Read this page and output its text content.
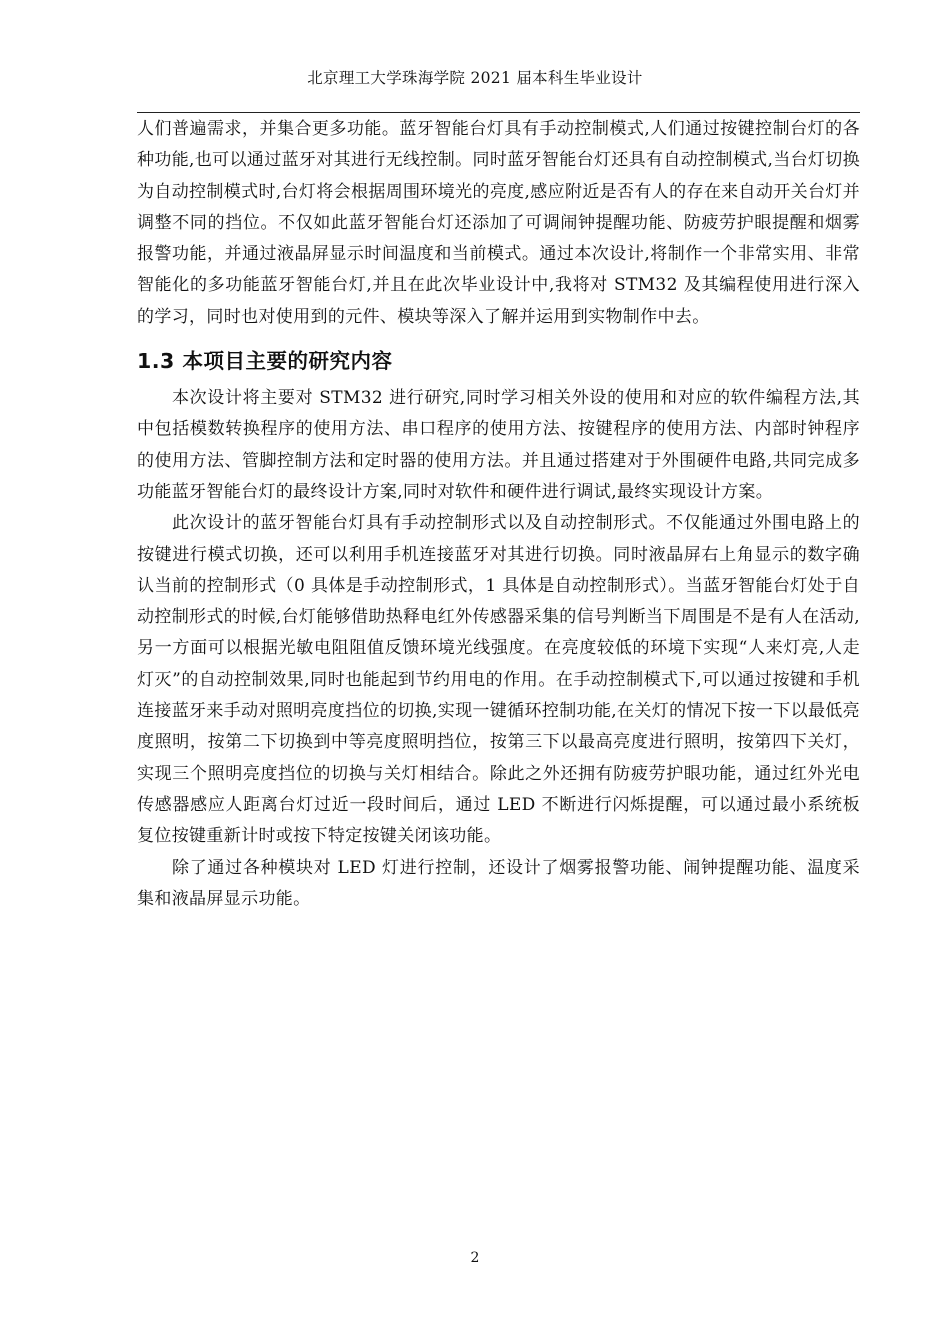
北京理工大学珠海学院 2021 届本科生毕业设计

人们普遍需求，并集合更多功能。蓝牙智能台灯具有手动控制模式,人们通过按键控制台灯的各种功能,也可以通过蓝牙对其进行无线控制。同时蓝牙智能台灯还具有自动控制模式,当台灯切换为自动控制模式时,台灯将会根据周围环境光的亮度,感应附近是否有人的存在来自动开关台灯并调整不同的挡位。不仅如此蓝牙智能台灯还添加了可调闹钟提醒功能、防疲劳护眼提醒和烟雾报警功能，并通过液晶屏显示时间温度和当前模式。通过本次设计,将制作一个非常实用、非常智能化的多功能蓝牙智能台灯,并且在此次毕业设计中,我将对 STM32 及其编程使用进行深入的学习，同时也对使用到的元件、模块等深入了解并运用到实物制作中去。

1.3 本项目主要的研究内容

本次设计将主要对 STM32 进行研究,同时学习相关外设的使用和对应的软件编程方法,其中包括模数转换程序的使用方法、串口程序的使用方法、按键程序的使用方法、内部时钟程序的使用方法、管脚控制方法和定时器的使用方法。并且通过搭建对于外围硬件电路,共同完成多功能蓝牙智能台灯的最终设计方案,同时对软件和硬件进行调试,最终实现设计方案。

此次设计的蓝牙智能台灯具有手动控制形式以及自动控制形式。不仅能通过外围电路上的按键进行模式切换，还可以利用手机连接蓝牙对其进行切换。同时液晶屏右上角显示的数字确认当前的控制形式（0 具体是手动控制形式，1 具体是自动控制形式）。当蓝牙智能台灯处于自动控制形式的时候,台灯能够借助热释电红外传感器采集的信号判断当下周围是不是有人在活动,另一方面可以根据光敏电阻阻值反馈环境光线强度。在亮度较低的环境下实现“人来灯亮,人走灯灭”的自动控制效果,同时也能起到节约用电的作用。在手动控制模式下,可以通过按键和手机连接蓝牙来手动对照明亮度挡位的切换,实现一键循环控制功能,在关灯的情况下按一下以最低亮度照明，按第二下切换到中等亮度照明挡位，按第三下以最高亮度进行照明，按第四下关灯，实现三个照明亮度挡位的切换与关灯相结合。除此之外还拥有防疲劳护眼功能，通过红外光电传感器感应人距离台灯过近一段时间后，通过 LED 不断进行闪烁提醒，可以通过最小系统板复位按键重新计时或按下特定按键关闭该功能。

除了通过各种模块对 LED 灯进行控制，还设计了烟雾报警功能、闹钟提醒功能、温度采集和液晶屏显示功能。

2
